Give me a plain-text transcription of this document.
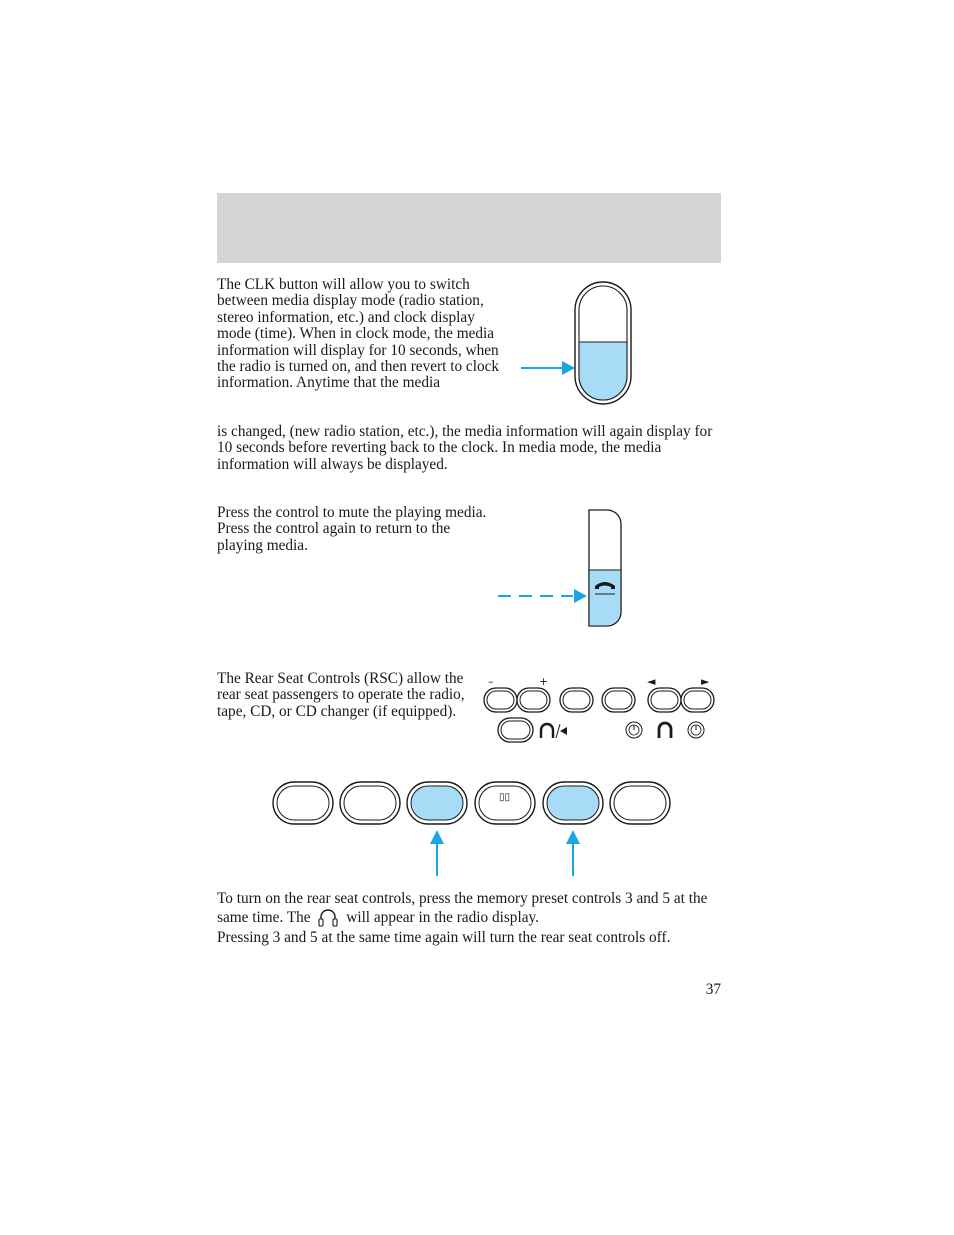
The CLK button will allow you to switch between media display mode (radio station, stereo information, etc.) and clock display mode (time). When in clock mode, the media information will display for 10 seconds, when the radio is turned on, and then revert to clock information. Anytime that the media

is changed, (new radio station, etc.), the media information will again display for 10 seconds before reverting back to the clock. In media mode, the media information will always be displayed.

Press the control to mute the playing media. Press the control again to return to the playing media.

The Rear Seat Controls (RSC) allow the rear seat passengers to operate the radio, tape, CD, or CD changer (if equipped).

–	+	◄	►
▯▯

To turn on the rear seat controls, press the memory preset controls 3 and 5 at the same time. The will appear in the radio display.

Pressing 3 and 5 at the same time again will turn the rear seat controls off.

37
